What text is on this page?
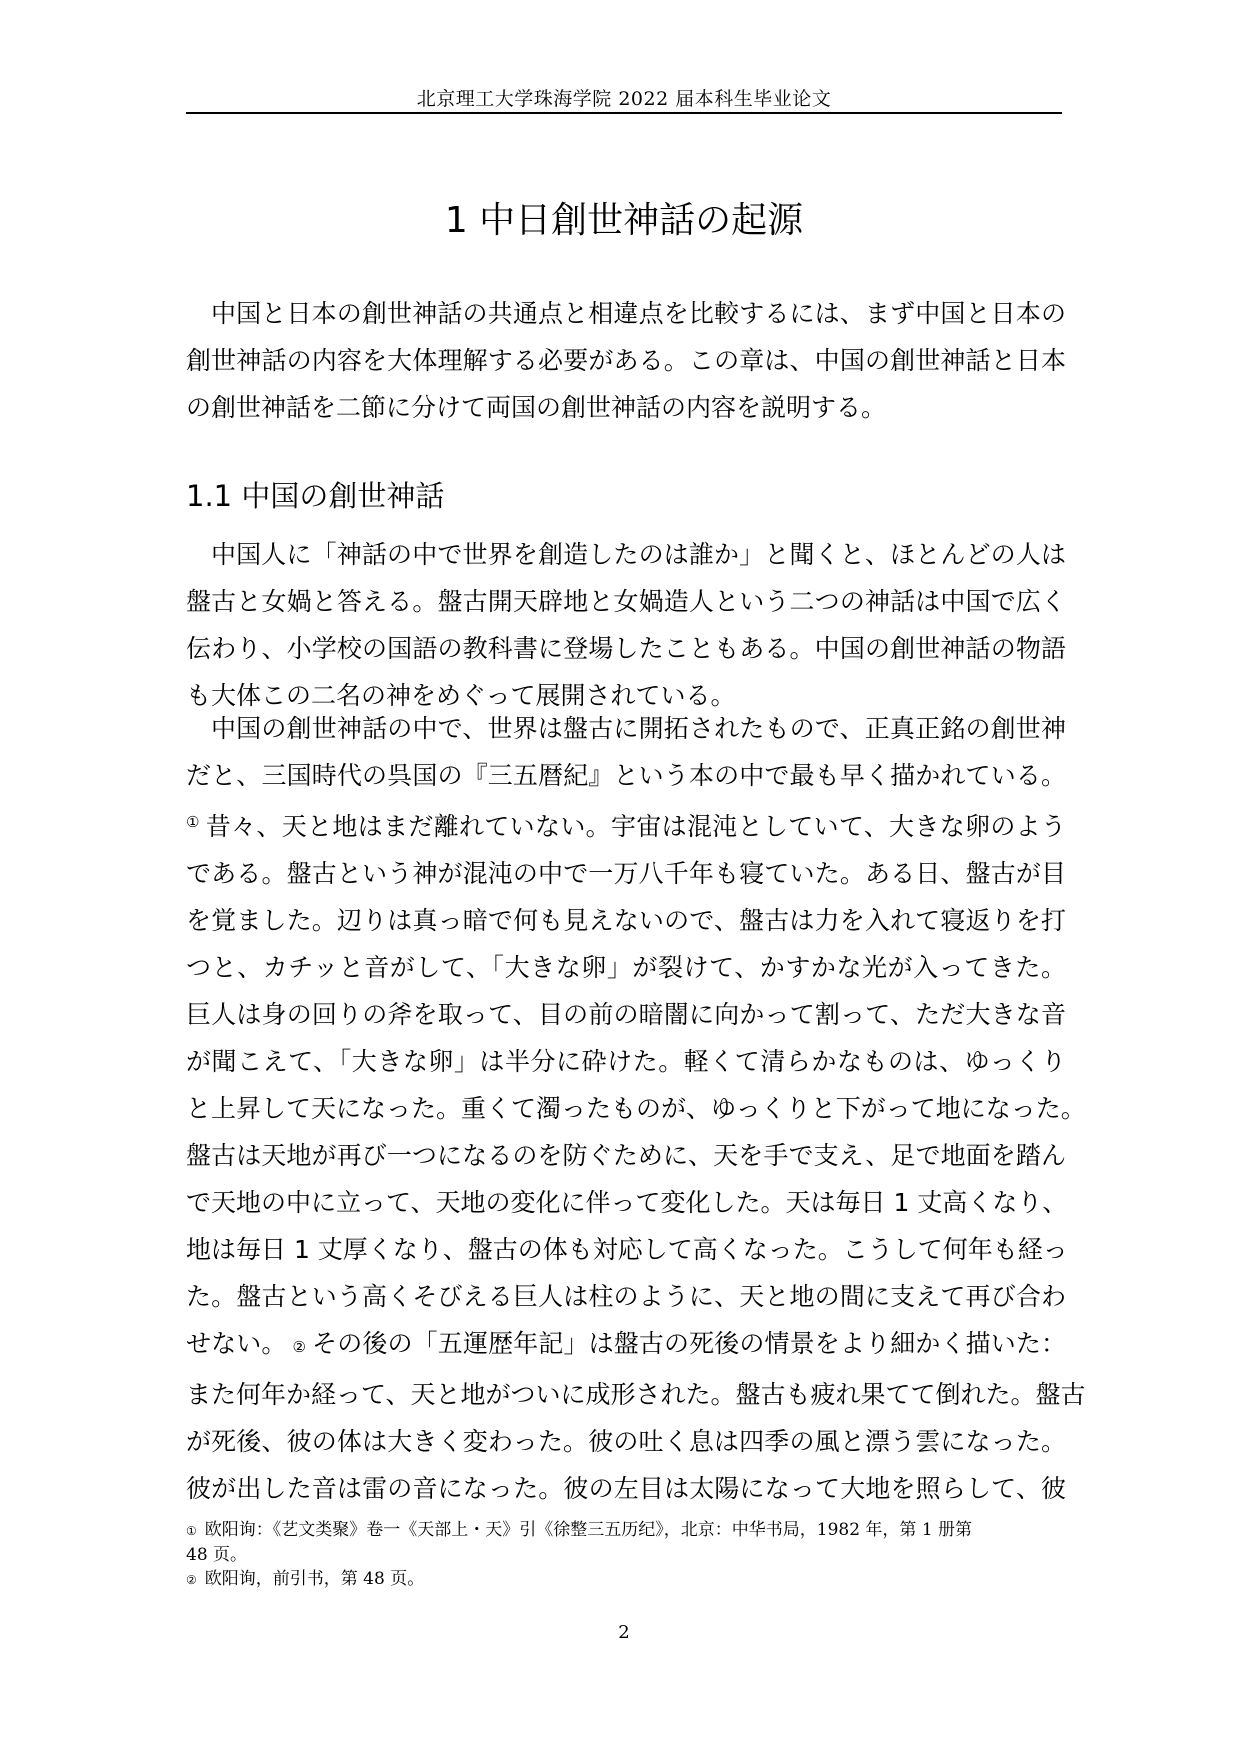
北京理工大学珠海学院 2022 届本科生毕业论文
1 中日創世神話の起源
中国と日本の創世神話の共通点と相違点を比較するには、まず中国と日本の
創世神話の内容を大体理解する必要がある。この章は、中国の創世神話と日本
の創世神話を二節に分けて両国の創世神話の内容を説明する。
1.1 中国の創世神話
中国人に「神話の中で世界を創造したのは誰か」と聞くと、ほとんどの人は
盤古と女媧と答える。盤古開天辟地と女媧造人という二つの神話は中国で広く
伝わり、小学校の国語の教科書に登場したこともある。中国の創世神話の物語
も大体この二名の神をめぐって展開されている。
中国の創世神話の中で、世界は盤古に開拓されたもので、正真正銘の創世神
だと、三国時代の呉国の『三五暦紀』という本の中で最も早く描かれている。
① 昔々、天と地はまだ離れていない。宇宙は混沌としていて、大きな卵のよう
である。盤古という神が混沌の中で一万八千年も寝ていた。ある日、盤古が目
を覚ました。辺りは真っ暗で何も見えないので、盤古は力を入れて寝返りを打
つと、カチッと音がして、「大きな卵」が裂けて、かすかな光が入ってきた。
巨人は身の回りの斧を取って、目の前の暗闇に向かって割って、ただ大きな音
が聞こえて、「大きな卵」は半分に砕けた。軽くて清らかなものは、ゆっくり
と上昇して天になった。重くて濁ったものが、ゆっくりと下がって地になった。
盤古は天地が再び一つになるのを防ぐために、天を手で支え、足で地面を踏ん
で天地の中に立って、天地の変化に伴って変化した。天は毎日 1 丈高くなり、
地は毎日 1 丈厚くなり、盤古の体も対応して高くなった。こうして何年も経っ
た。盤古という高くそびえる巨人は柱のように、天と地の間に支えて再び合わ
せない。 ② その後の「五運歴年記」は盤古の死後の情景をより細かく描いた：
また何年か経って、天と地がついに成形された。盤古も疲れ果てて倒れた。盤古
が死後、彼の体は大きく変わった。彼の吐く息は四季の風と漂う雲になった。
彼が出した音は雷の音になった。彼の左目は太陽になって大地を照らして、彼
① 欧阳询：《艺文类聚》卷一《天部上・天》引《徐整三五历纪》，北京：中华书局，1982 年，第 1 册第
48 页。
② 欧阳询，前引书，第 48 页。
2
